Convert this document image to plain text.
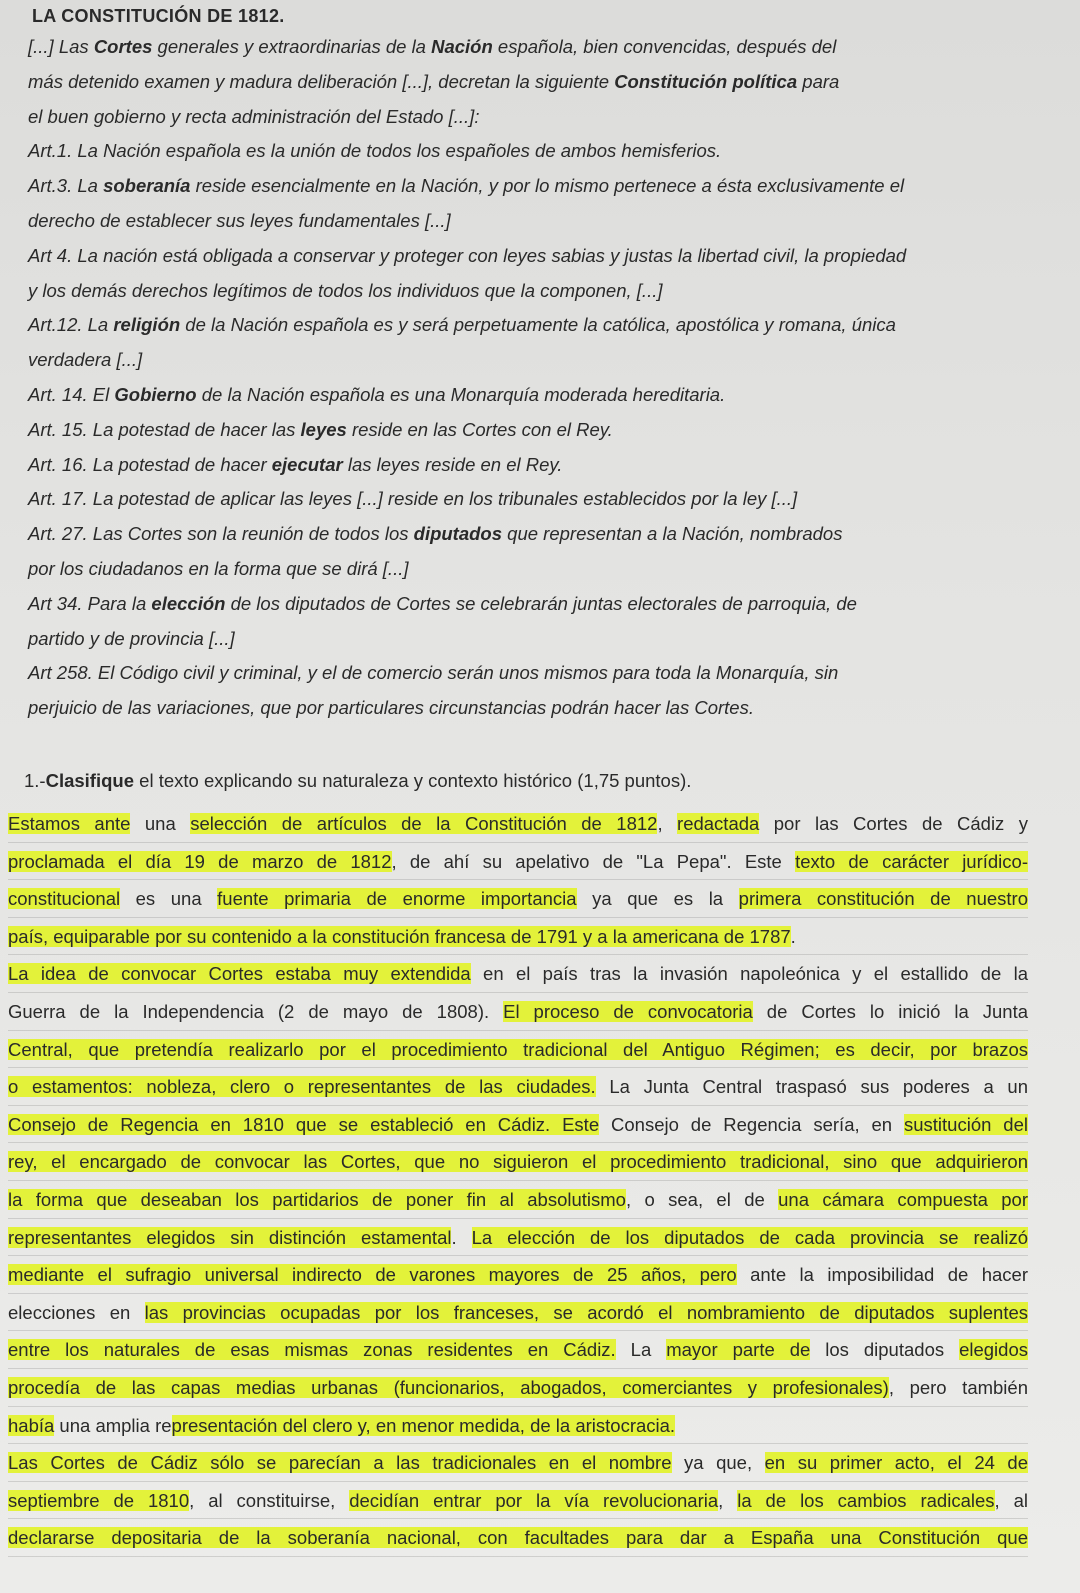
LA CONSTITUCIÓN DE 1812.
[...] Las Cortes generales y extraordinarias de la Nación española, bien convencidas, después del
más detenido examen y madura deliberación [...], decretan la siguiente Constitución política para
el buen gobierno y recta administración del Estado [...]:
Art.1. La Nación española es la unión de todos los españoles de ambos hemisferios.
Art.3. La soberanía reside esencialmente en la Nación, y por lo mismo pertenece a ésta exclusivamente el
derecho de establecer sus leyes fundamentales [...]
Art 4. La nación está obligada a conservar y proteger con leyes sabias y justas la libertad civil, la propiedad
y los demás derechos legítimos de todos los individuos que la componen, [...]
Art.12. La religión de la Nación española es y será perpetuamente la católica, apostólica y romana, única
verdadera [...]
Art. 14. El Gobierno de la Nación española es una Monarquía moderada hereditaria.
Art. 15. La potestad de hacer las leyes reside en las Cortes con el Rey.
Art. 16. La potestad de hacer ejecutar las leyes reside en el Rey.
Art. 17. La potestad de aplicar las leyes [...] reside en los tribunales establecidos por la ley [...]
Art. 27. Las Cortes son la reunión de todos los diputados que representan a la Nación, nombrados
por los ciudadanos en la forma que se dirá [...]
Art 34. Para la elección de los diputados de Cortes se celebrarán juntas electorales de parroquia, de
partido y de provincia [...]
Art 258. El Código civil y criminal, y el de comercio serán unos mismos para toda la Monarquía, sin
perjuicio de las variaciones, que por particulares circunstancias podrán hacer las Cortes.
1.-Clasifique el texto explicando su naturaleza y contexto histórico (1,75 puntos).
Estamos ante una selección de artículos de la Constitución de 1812, redactada por las Cortes de Cádiz y
proclamada el día 19 de marzo de 1812, de ahí su apelativo de "La Pepa". Este texto de carácter jurídico-
constitucional es una fuente primaria de enorme importancia ya que es la primera constitución de nuestro
país, equiparable por su contenido a la constitución francesa de 1791 y a la americana de 1787.
La idea de convocar Cortes estaba muy extendida en el país tras la invasión napoleónica y el estallido de la
Guerra de la Independencia (2 de mayo de 1808). El proceso de convocatoria de Cortes lo inició la Junta
Central, que pretendía realizarlo por el procedimiento tradicional del Antiguo Régimen; es decir, por brazos
o estamentos: nobleza, clero o representantes de las ciudades. La Junta Central traspasó sus poderes a un
Consejo de Regencia en 1810 que se estableció en Cádiz. Este Consejo de Regencia sería, en sustitución del
rey, el encargado de convocar las Cortes, que no siguieron el procedimiento tradicional, sino que adquirieron
la forma que deseaban los partidarios de poner fin al absolutismo, o sea, el de una cámara compuesta por
representantes elegidos sin distinción estamental. La elección de los diputados de cada provincia se realizó
mediante el sufragio universal indirecto de varones mayores de 25 años, pero ante la imposibilidad de hacer
elecciones en las provincias ocupadas por los franceses, se acordó el nombramiento de diputados suplentes
entre los naturales de esas mismas zonas residentes en Cádiz. La mayor parte de los diputados elegidos
procedía de las capas medias urbanas (funcionarios, abogados, comerciantes y profesionales), pero también
había una amplia representación del clero y, en menor medida, de la aristocracia.
Las Cortes de Cádiz sólo se parecían a las tradicionales en el nombre ya que, en su primer acto, el 24 de
septiembre de 1810, al constituirse, decidían entrar por la vía revolucionaria, la de los cambios radicales, al
declararse depositaria de la soberanía nacional, con facultades para dar a España una Constitución que
